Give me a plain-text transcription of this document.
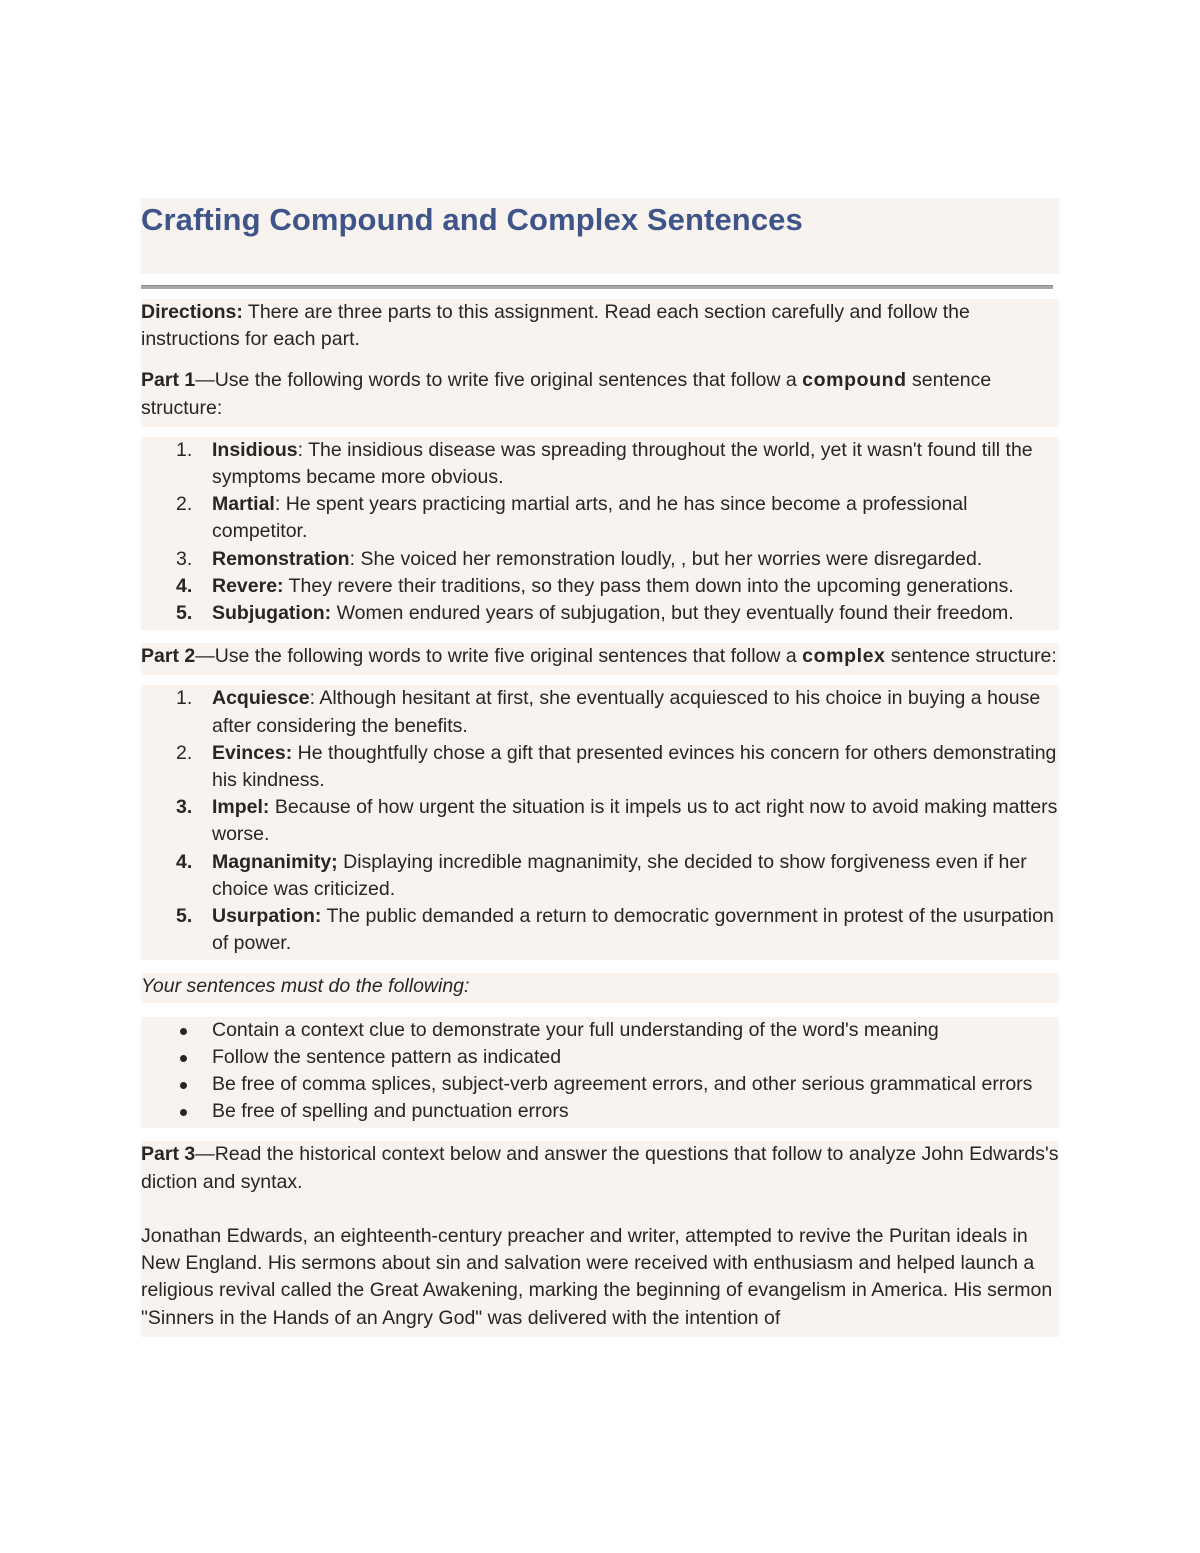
Crafting Compound and Complex Sentences

Directions: There are three parts to this assignment. Read each section carefully and follow the instructions for each part.

Part 1—Use the following words to write five original sentences that follow a compound sentence structure:

1. Insidious: The insidious disease was spreading throughout the world, yet it wasn't found till the symptoms became more obvious.
2. Martial: He spent years practicing martial arts, and he has since become a professional competitor.
3. Remonstration: She voiced her remonstration loudly, , but her worries were disregarded.
4. Revere: They revere their traditions, so they pass them down into the upcoming generations.
5. Subjugation: Women endured years of subjugation, but they eventually found their freedom.

Part 2—Use the following words to write five original sentences that follow a complex sentence structure:

1. Acquiesce: Although hesitant at first, she eventually acquiesced to his choice in buying a house after considering the benefits.
2. Evinces: He thoughtfully chose a gift that presented evinces his concern for others demonstrating his kindness.
3. Impel: Because of how urgent the situation is it impels us to act right now to avoid making matters worse.
4. Magnanimity; Displaying incredible magnanimity, she decided to show forgiveness even if her choice was criticized.
5. Usurpation: The public demanded a return to democratic government in protest of the usurpation of power.

Your sentences must do the following:

Contain a context clue to demonstrate your full understanding of the word's meaning
Follow the sentence pattern as indicated
Be free of comma splices, subject-verb agreement errors, and other serious grammatical errors
Be free of spelling and punctuation errors

Part 3—Read the historical context below and answer the questions that follow to analyze John Edwards's diction and syntax.

Jonathan Edwards, an eighteenth-century preacher and writer, attempted to revive the Puritan ideals in New England. His sermons about sin and salvation were received with enthusiasm and helped launch a religious revival called the Great Awakening, marking the beginning of evangelism in America. His sermon "Sinners in the Hands of an Angry God" was delivered with the intention of
